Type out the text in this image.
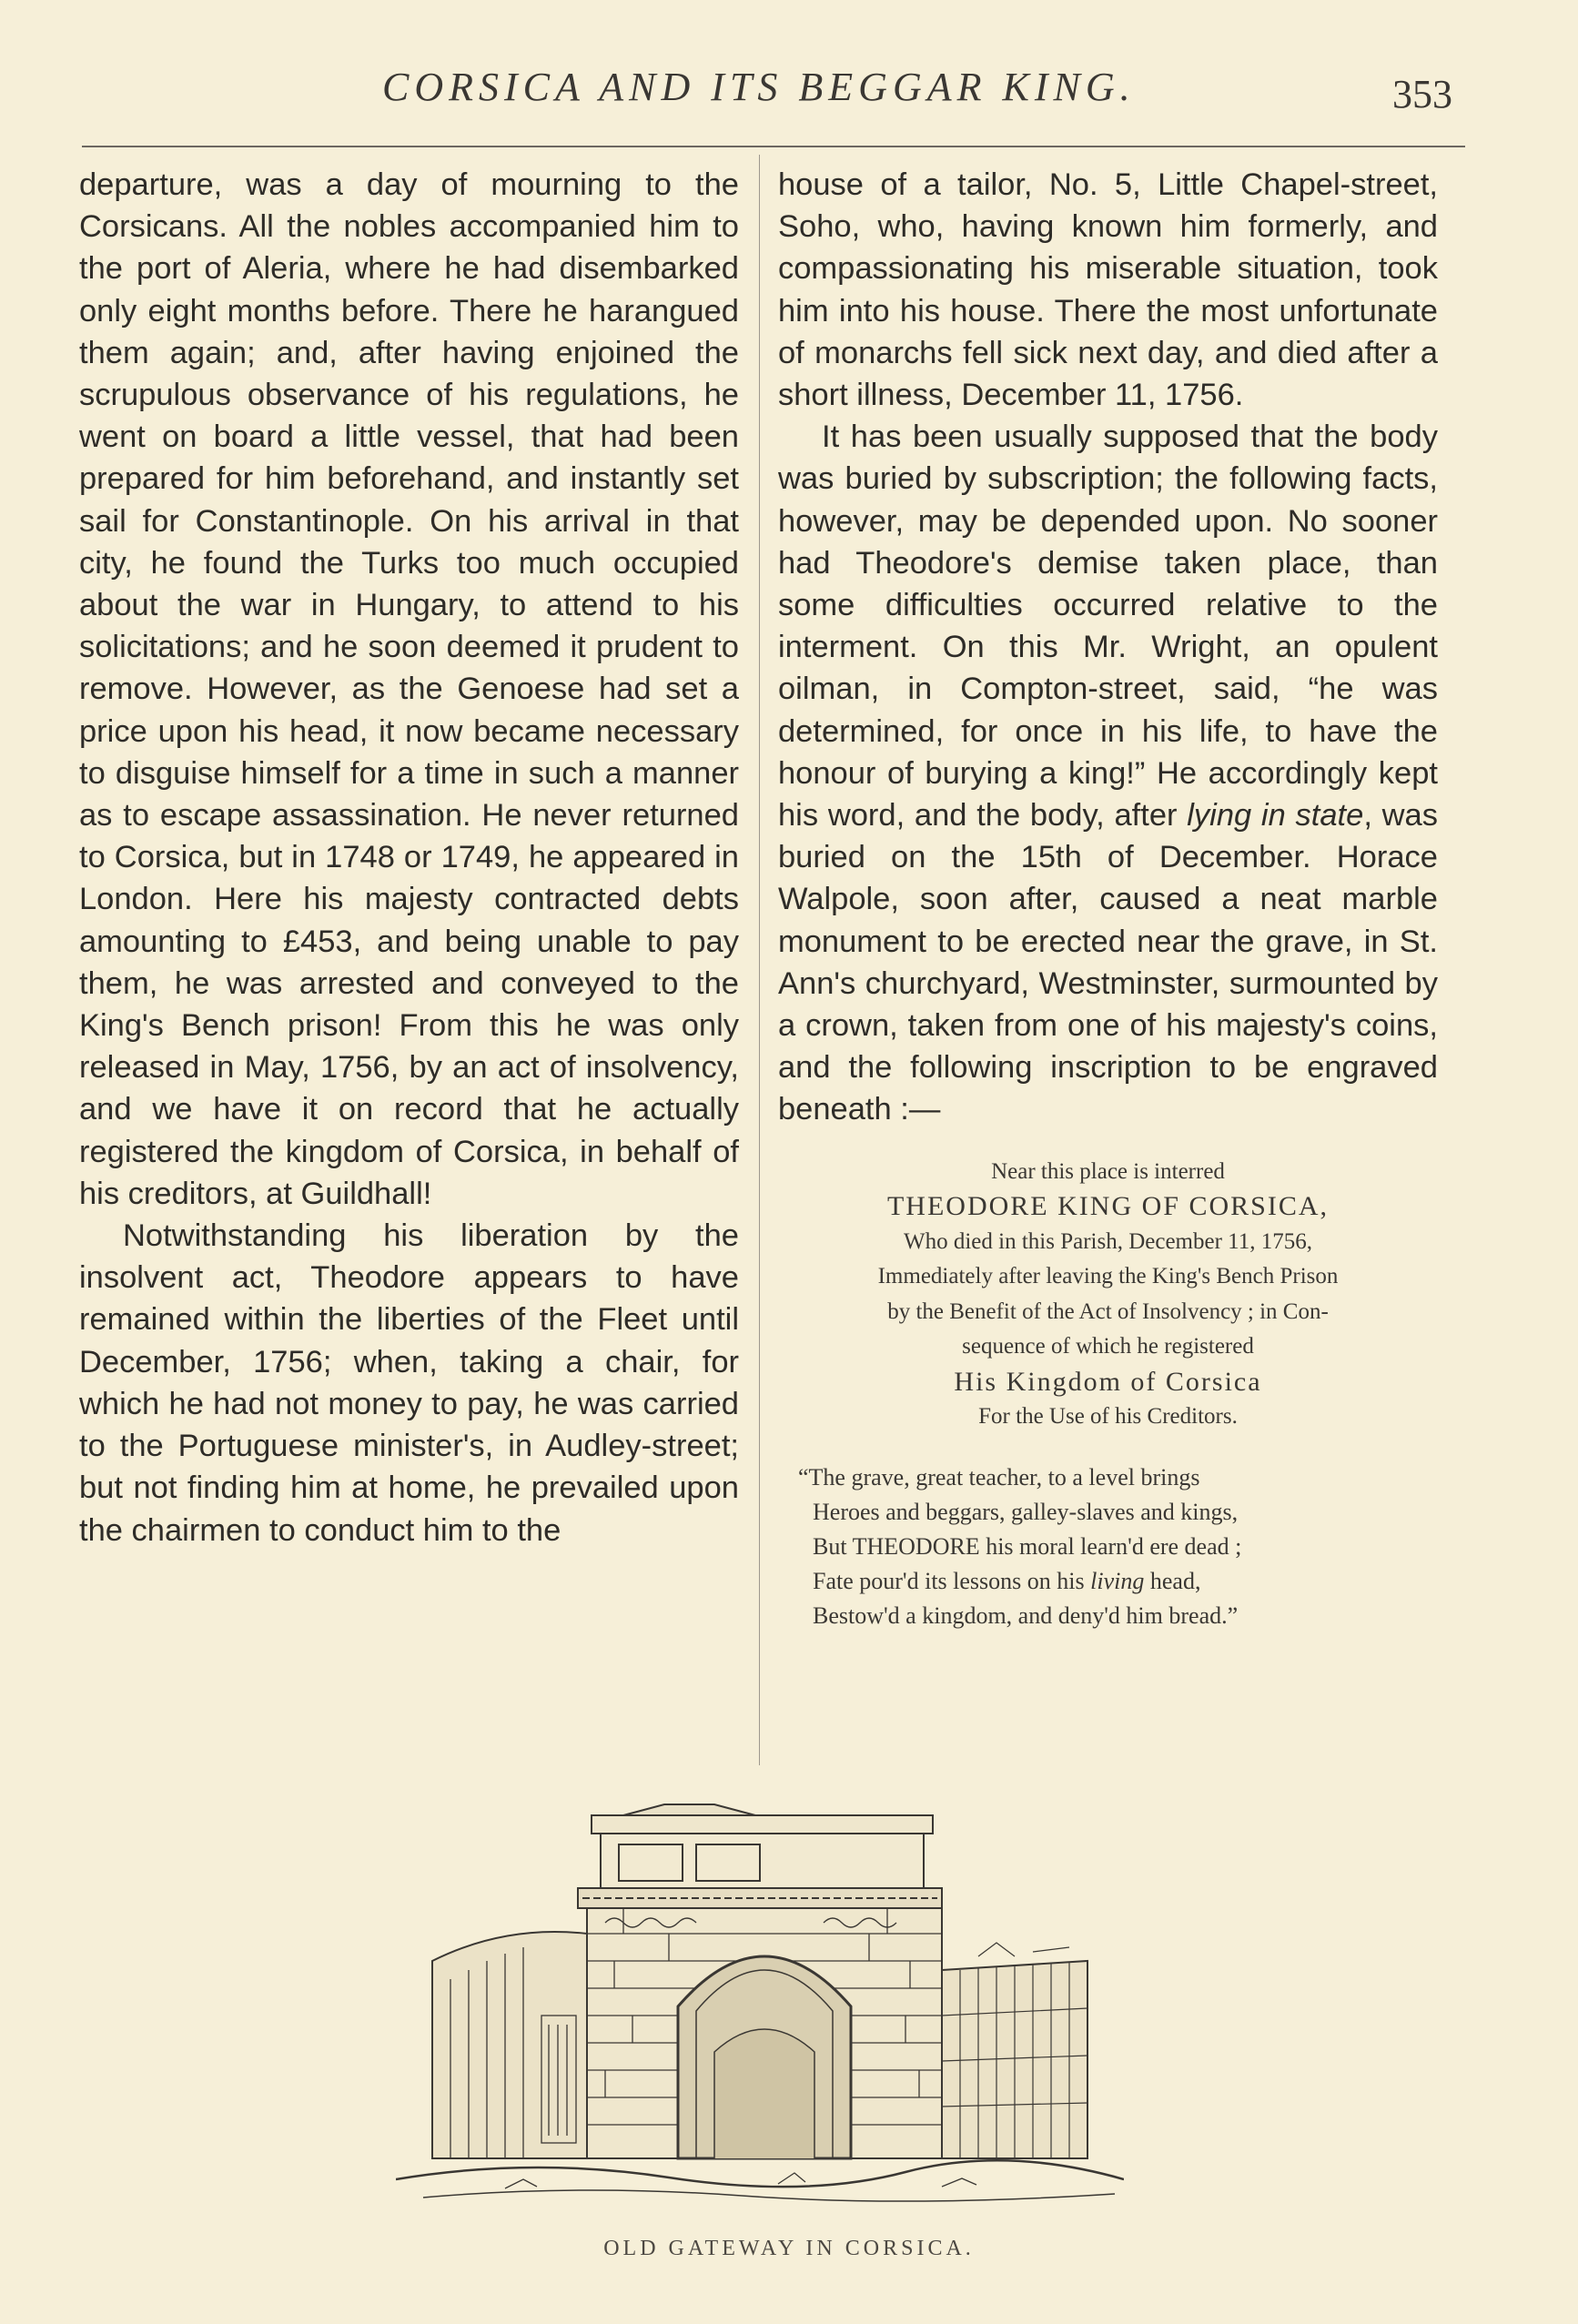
CORSICA AND ITS BEGGAR KING.	353

departure, was a day of mourning to the Corsicans. All the nobles accompanied him to the port of Aleria, where he had disembarked only eight months before. There he harangued them again; and, after having enjoined the scrupulous observance of his regulations, he went on board a little vessel, that had been prepared for him beforehand, and instantly set sail for Constantinople. On his arrival in that city, he found the Turks too much occupied about the war in Hungary, to attend to his solicitations; and he soon deemed it prudent to remove. However, as the Genoese had set a price upon his head, it now became necessary to disguise himself for a time in such a manner as to escape assassination. He never returned to Corsica, but in 1748 or 1749, he appeared in London. Here his majesty contracted debts amounting to £453, and being unable to pay them, he was arrested and conveyed to the King's Bench prison! From this he was only released in May, 1756, by an act of insolvency, and we have it on record that he actually registered the kingdom of Corsica, in behalf of his creditors, at Guildhall!

Notwithstanding his liberation by the insolvent act, Theodore appears to have remained within the liberties of the Fleet until December, 1756; when, taking a chair, for which he had not money to pay, he was carried to the Portuguese minister's, in Audley-street; but not finding him at home, he prevailed upon the chairmen to conduct him to the

house of a tailor, No. 5, Little Chapel-street, Soho, who, having known him formerly, and compassionating his miserable situation, took him into his house. There the most unfortunate of monarchs fell sick next day, and died after a short illness, December 11, 1756.

It has been usually supposed that the body was buried by subscription; the following facts, however, may be depended upon. No sooner had Theodore's demise taken place, than some difficulties occurred relative to the interment. On this Mr. Wright, an opulent oilman, in Compton-street, said, “he was determined, for once in his life, to have the honour of burying a king!” He accordingly kept his word, and the body, after lying in state, was buried on the 15th of December. Horace Walpole, soon after, caused a neat marble monument to be erected near the grave, in St. Ann's churchyard, Westminster, surmounted by a crown, taken from one of his majesty's coins, and the following inscription to be engraved beneath :—

Near this place is interred
THEODORE KING OF CORSICA,
Who died in this Parish, December 11, 1756,
Immediately after leaving the King's Bench Prison
by the Benefit of the Act of Insolvency ; in Con-
sequence of which he registered
His Kingdom of Corsica
For the Use of his Creditors.
“The grave, great teacher, to a level brings
Heroes and beggars, galley-slaves and kings,
But THEODORE his moral learn'd ere dead ;
Fate pour'd its lessons on his living head,
Bestow'd a kingdom, and deny'd him bread.”
OLD GATEWAY IN CORSICA.
